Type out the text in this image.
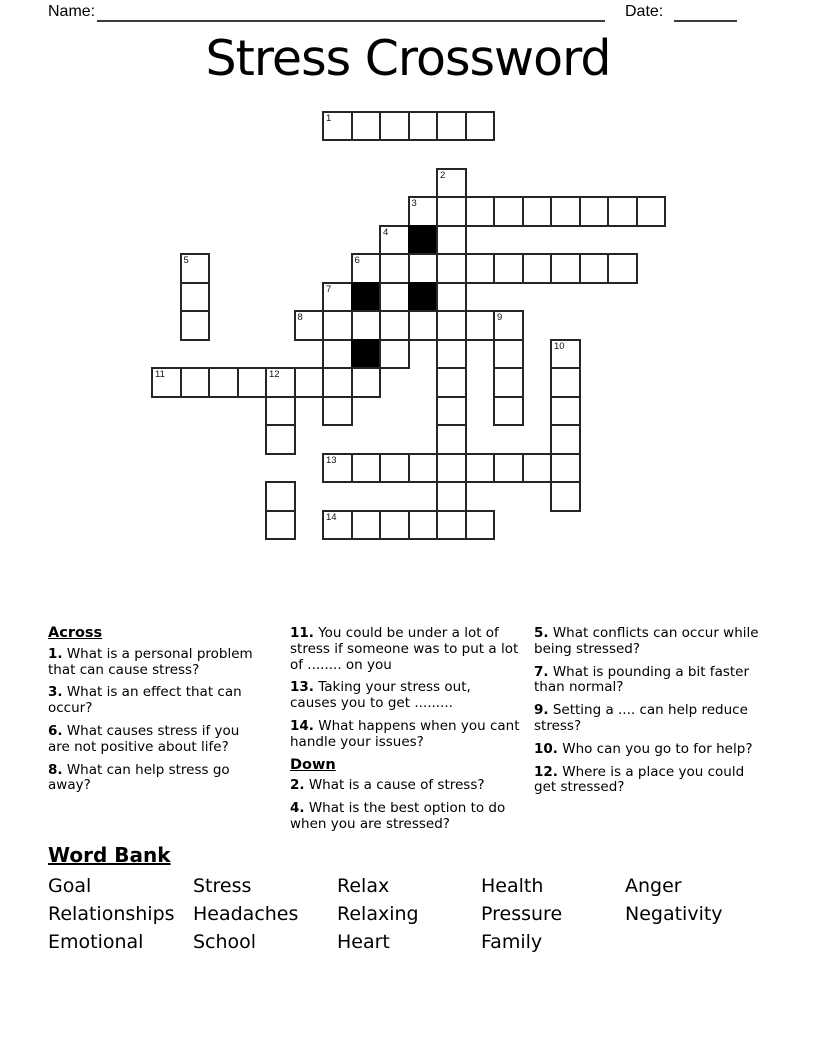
Name:	Date:
Stress Crossword
1
2
3
4
5	6
7
8	9
10
11	12
13
14

Across

1. What is a personal problem that can cause stress?

3. What is an effect that can occur?

6. What causes stress if you are not positive about life?

8. What can help stress go away?

11. You could be under a lot of stress if someone was to put a lot of ........ on you

13. Taking your stress out, causes you to get .........

14. What happens when you cant handle your issues?

Down

2. What is a cause of stress?

4. What is the best option to do when you are stressed?

5. What conflicts can occur while being stressed?

7. What is pounding a bit faster than normal?

9. Setting a .... can help reduce stress?

10. Who can you go to for help?

12. Where is a place you could get stressed?

Word Bank

Goal	Stress	Relax	Health	Anger
Relationships Headaches	Relaxing	Pressure	Negativity
Emotional	School	Heart	Family
